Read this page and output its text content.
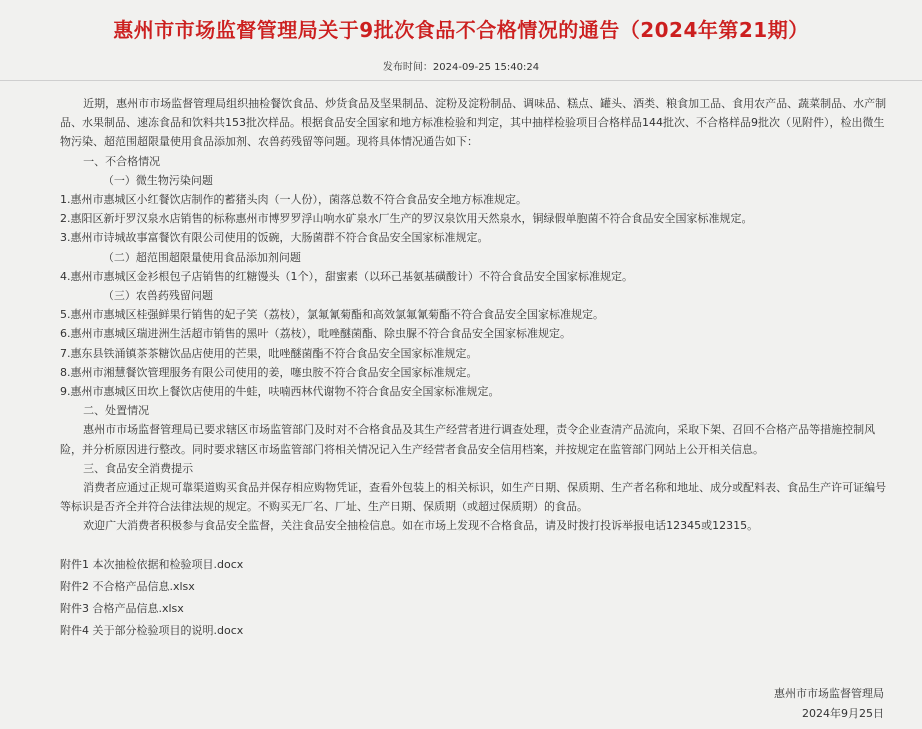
惠州市市场监督管理局关于9批次食品不合格情况的通告（2024年第21期）
发布时间：2024-09-25 15:40:24

近期，惠州市市场监督管理局组织抽检餐饮食品、炒货食品及坚果制品、淀粉及淀粉制品、调味品、糕点、罐头、酒类、粮食加工品、食用农产品、蔬菜制品、水产制品、水果制品、速冻食品和饮料共153批次样品。根据食品安全国家和地方标准检验和判定，其中抽样检验项目合格样品144批次、不合格样品9批次（见附件），检出微生物污染、超范围超限量使用食品添加剂、农兽药残留等问题。现将具体情况通告如下：

一、不合格情况

（一）微生物污染问题

1.惠州市惠城区小红餐饮店制作的蓄猪头肉（一人份），菌落总数不符合食品安全地方标准规定。

2.惠阳区新圩罗汉泉水店销售的标称惠州市博罗罗浮山响水矿泉水厂生产的罗汉泉饮用天然泉水，铜绿假单胞菌不符合食品安全国家标准规定。

3.惠州市诗城故事富餐饮有限公司使用的饭碗，大肠菌群不符合食品安全国家标准规定。

（二）超范围超限量使用食品添加剂问题

4.惠州市惠城区金衫根包子店销售的红糖馒头（1个），甜蜜素（以环己基氨基磺酸计）不符合食品安全国家标准规定。

（三）农兽药残留问题

5.惠州市惠城区桂强鲜果行销售的妃子笑（荔枝），氯氟氰菊酯和高效氯氟氰菊酯不符合食品安全国家标准规定。

6.惠州市惠城区瑞进洲生活超市销售的黑叶（荔枝），吡唑醚菌酯、除虫脲不符合食品安全国家标准规定。

7.惠东县铁涌镇茶茶糖饮品店使用的芒果，吡唑醚菌酯不符合食品安全国家标准规定。

8.惠州市湘慧餐饮管理服务有限公司使用的姜，噻虫胺不符合食品安全国家标准规定。

9.惠州市惠城区田坎上餐饮店使用的牛蛙，呋喃西林代谢物不符合食品安全国家标准规定。

二、处置情况

惠州市市场监督管理局已要求辖区市场监管部门及时对不合格食品及其生产经营者进行调查处理，责令企业查清产品流向，采取下架、召回不合格产品等措施控制风险，并分析原因进行整改。同时要求辖区市场监管部门将相关情况记入生产经营者食品安全信用档案，并按规定在监管部门网站上公开相关信息。

三、食品安全消费提示

消费者应通过正规可靠渠道购买食品并保存相应购物凭证，查看外包装上的相关标识，如生产日期、保质期、生产者名称和地址、成分或配料表、食品生产许可证编号等标识是否齐全并符合法律法规的规定。不购买无厂名、厂址、生产日期、保质期（或超过保质期）的食品。

欢迎广大消费者积极参与食品安全监督，关注食品安全抽检信息。如在市场上发现不合格食品，请及时拨打投诉举报电话12345或12315。

附件1 本次抽检依据和检验项目.docx

附件2 不合格产品信息.xlsx

附件3 合格产品信息.xlsx

附件4 关于部分检验项目的说明.docx

惠州市市场监督管理局
2024年9月25日
